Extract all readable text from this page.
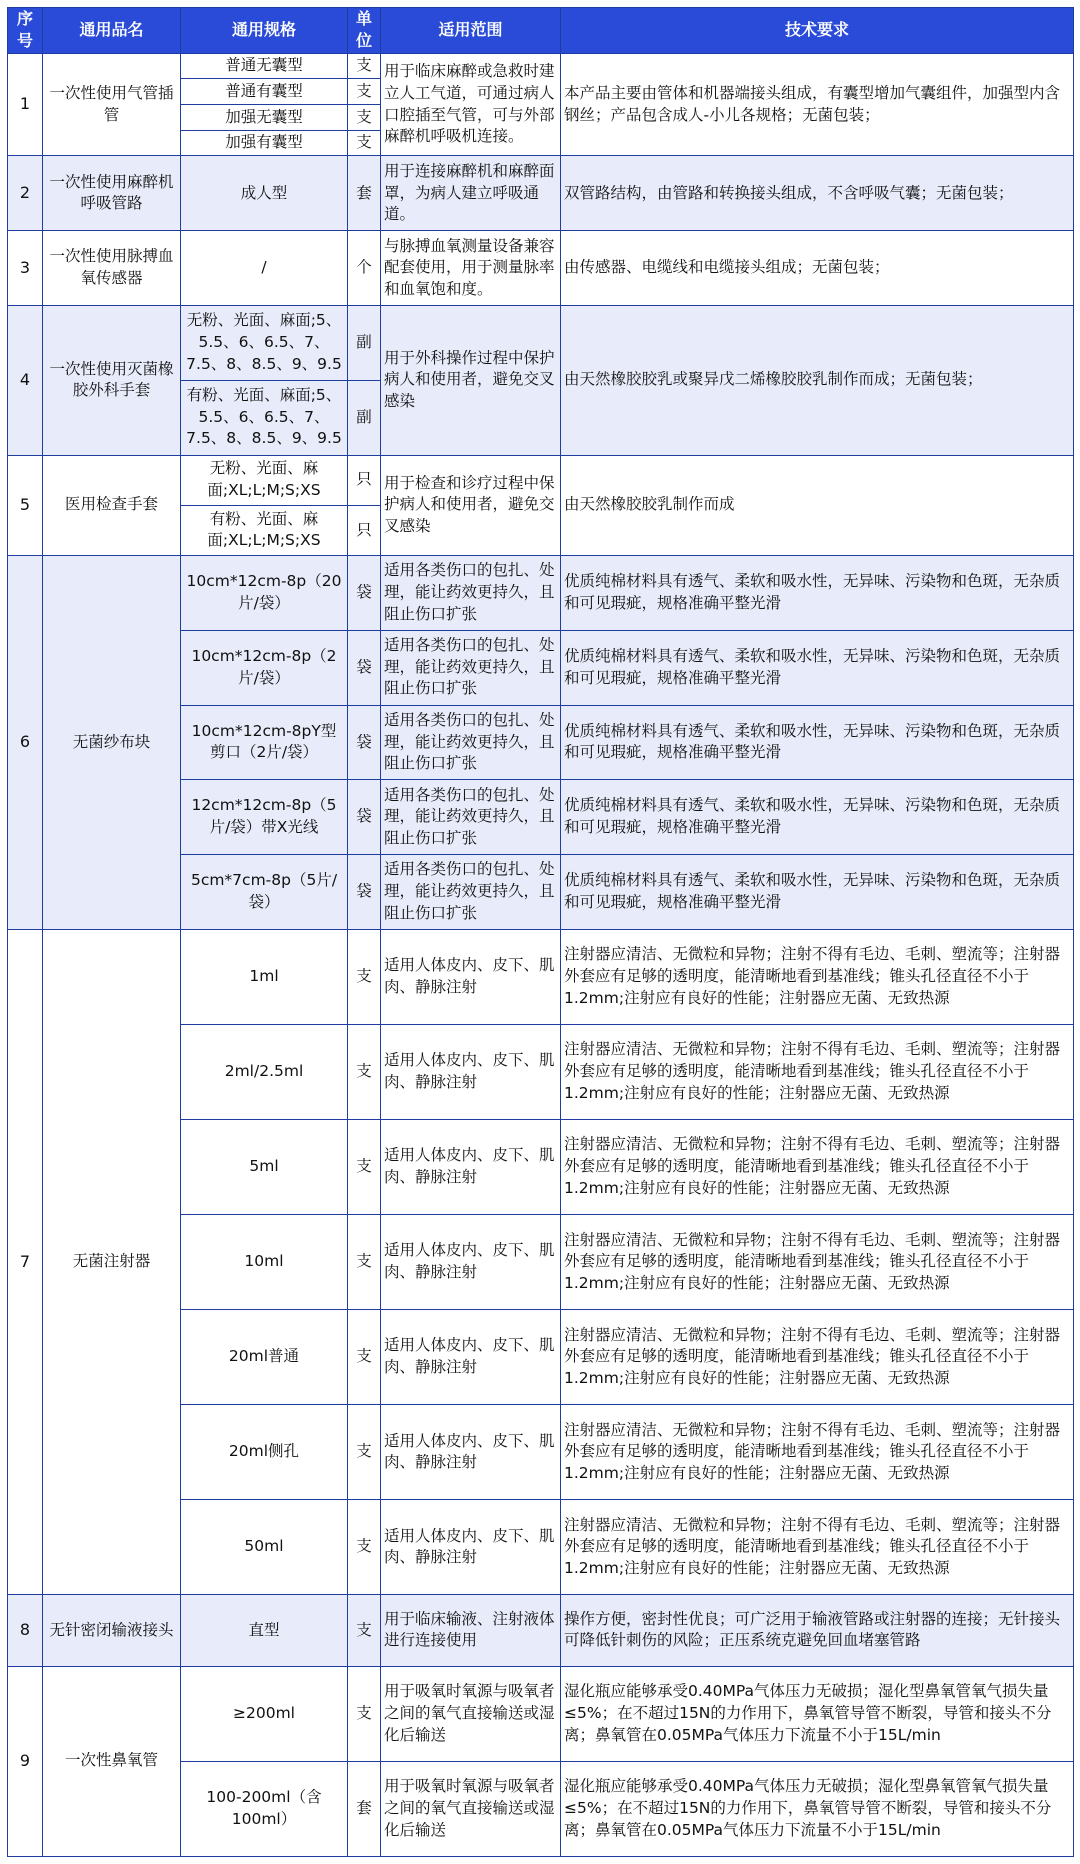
序号	通用品名	通用规格	单位	适用范围	技术要求
1	一次性使用气管插管	普通无囊型	支	用于临床麻醉或急救时建立人工气道，可通过病人口腔插至气管，可与外部麻醉机呼吸机连接。	本产品主要由管体和机器端接头组成，有囊型增加气囊组件，加强型内含钢丝；产品包含成人-小儿各规格；无菌包装；
		普通有囊型	支		
		加强无囊型	支		
		加强有囊型	支		
2	一次性使用麻醉机呼吸管路	成人型	套	用于连接麻醉机和麻醉面罩，为病人建立呼吸通道。	双管路结构，由管路和转换接头组成，不含呼吸气囊；无菌包装；
3	一次性使用脉搏血氧传感器	/	个	与脉搏血氧测量设备兼容配套使用，用于测量脉率和血氧饱和度。	由传感器、电缆线和电缆接头组成；无菌包装；
4	一次性使用灭菌橡胶外科手套	无粉、光面、麻面;5、5.5、6、6.5、7、7.5、8、8.5、9、9.5	副	用于外科操作过程中保护病人和使用者，避免交叉感染	由天然橡胶胶乳或聚异戊二烯橡胶胶乳制作而成；无菌包装；
		有粉、光面、麻面;5、5.5、6、6.5、7、7.5、8、8.5、9、9.5	副		
5	医用检查手套	无粉、光面、麻面;XL;L;M;S;XS	只	用于检查和诊疗过程中保护病人和使用者，避免交叉感染	由天然橡胶胶乳制作而成
		有粉、光面、麻面;XL;L;M;S;XS	只		
6	无菌纱布块	10cm*12cm-8p（20片/袋）	袋	适用各类伤口的包扎、处理，能让药效更持久，且阻止伤口扩张	优质纯棉材料具有透气、柔软和吸水性，无异味、污染物和色斑，无杂质和可见瑕疵，规格准确平整光滑
		10cm*12cm-8p（2片/袋）	袋	适用各类伤口的包扎、处理，能让药效更持久，且阻止伤口扩张	优质纯棉材料具有透气、柔软和吸水性，无异味、污染物和色斑，无杂质和可见瑕疵，规格准确平整光滑
		10cm*12cm-8pY型剪口（2片/袋）	袋	适用各类伤口的包扎、处理，能让药效更持久，且阻止伤口扩张	优质纯棉材料具有透气、柔软和吸水性，无异味、污染物和色斑，无杂质和可见瑕疵，规格准确平整光滑
		12cm*12cm-8p（5片/袋）带X光线	袋	适用各类伤口的包扎、处理，能让药效更持久，且阻止伤口扩张	优质纯棉材料具有透气、柔软和吸水性，无异味、污染物和色斑，无杂质和可见瑕疵，规格准确平整光滑
		5cm*7cm-8p（5片/袋）	袋	适用各类伤口的包扎、处理，能让药效更持久，且阻止伤口扩张	优质纯棉材料具有透气、柔软和吸水性，无异味、污染物和色斑，无杂质和可见瑕疵，规格准确平整光滑
7	无菌注射器	1ml	支	适用人体皮内、皮下、肌肉、静脉注射	注射器应清洁、无微粒和异物；注射不得有毛边、毛刺、塑流等；注射器外套应有足够的透明度，能清晰地看到基准线；锥头孔径直径不小于1.2mm;注射应有良好的性能；注射器应无菌、无致热源
		2ml/2.5ml	支	适用人体皮内、皮下、肌肉、静脉注射	注射器应清洁、无微粒和异物；注射不得有毛边、毛刺、塑流等；注射器外套应有足够的透明度，能清晰地看到基准线；锥头孔径直径不小于1.2mm;注射应有良好的性能；注射器应无菌、无致热源
		5ml	支	适用人体皮内、皮下、肌肉、静脉注射	注射器应清洁、无微粒和异物；注射不得有毛边、毛刺、塑流等；注射器外套应有足够的透明度，能清晰地看到基准线；锥头孔径直径不小于1.2mm;注射应有良好的性能；注射器应无菌、无致热源
		10ml	支	适用人体皮内、皮下、肌肉、静脉注射	注射器应清洁、无微粒和异物；注射不得有毛边、毛刺、塑流等；注射器外套应有足够的透明度，能清晰地看到基准线；锥头孔径直径不小于1.2mm;注射应有良好的性能；注射器应无菌、无致热源
		20ml普通	支	适用人体皮内、皮下、肌肉、静脉注射	注射器应清洁、无微粒和异物；注射不得有毛边、毛刺、塑流等；注射器外套应有足够的透明度，能清晰地看到基准线；锥头孔径直径不小于1.2mm;注射应有良好的性能；注射器应无菌、无致热源
		20ml侧孔	支	适用人体皮内、皮下、肌肉、静脉注射	注射器应清洁、无微粒和异物；注射不得有毛边、毛刺、塑流等；注射器外套应有足够的透明度，能清晰地看到基准线；锥头孔径直径不小于1.2mm;注射应有良好的性能；注射器应无菌、无致热源
		50ml	支	适用人体皮内、皮下、肌肉、静脉注射	注射器应清洁、无微粒和异物；注射不得有毛边、毛刺、塑流等；注射器外套应有足够的透明度，能清晰地看到基准线；锥头孔径直径不小于1.2mm;注射应有良好的性能；注射器应无菌、无致热源
8	无针密闭输液接头	直型	支	用于临床输液、注射液体进行连接使用	操作方便，密封性优良；可广泛用于输液管路或注射器的连接；无针接头可降低针刺伤的风险；正压系统克避免回血堵塞管路
9	一次性鼻氧管	≥200ml	支	用于吸氧时氧源与吸氧者之间的氧气直接输送或湿化后输送	湿化瓶应能够承受0.40MPa气体压力无破损；湿化型鼻氧管氧气损失量≤5%；在不超过15N的力作用下，鼻氧管导管不断裂，导管和接头不分离；鼻氧管在0.05MPa气体压力下流量不小于15L/min
		100-200ml（含100ml）	套	用于吸氧时氧源与吸氧者之间的氧气直接输送或湿化后输送	湿化瓶应能够承受0.40MPa气体压力无破损；湿化型鼻氧管氧气损失量≤5%；在不超过15N的力作用下，鼻氧管导管不断裂，导管和接头不分离；鼻氧管在0.05MPa气体压力下流量不小于15L/min
